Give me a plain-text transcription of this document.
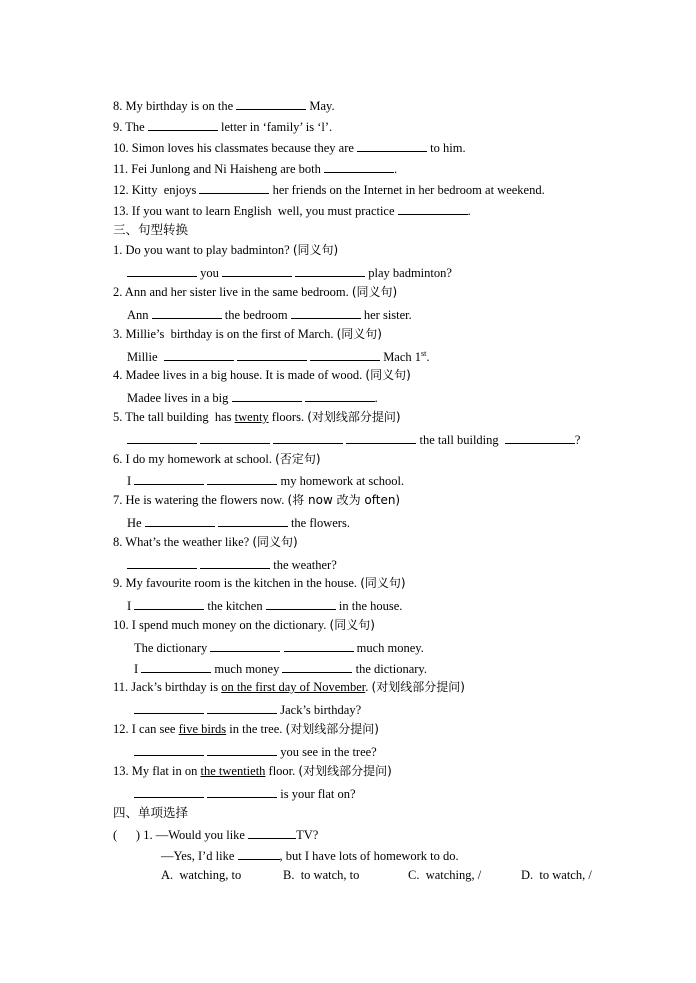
8. My birthday is on the	May.
9. The	letter in ‘family’ is ‘l’.
10. Simon loves his classmates because they are	to him.
11. Fei Junlong and Ni Haisheng are both	.
12. Kitty  enjoys	her friends on the Internet in her bedroom at weekend.
13. If you want to learn English  well, you must practice	.
三、句型转换
1. Do you want to play badminton? (同义句)
you	play badminton?
2. Ann and her sister live in the same bedroom. (同义句)
Ann	the bedroom	her sister.
3. Millie’s  birthday is on the first of March. (同义句)
Millie	Mach 1st.
4. Madee lives in a big house. It is made of wood. (同义句)
Madee lives in a big	.
5. The tall building  has twenty floors. (对划线部分提问)
the tall building	?
6. I do my homework at school. (否定句)
I	my homework at school.
7. He is watering the flowers now. (将 now 改为 often)
He	the flowers.
8. What’s the weather like? (同义句)
the weather?
9. My favourite room is the kitchen in the house. (同义句)
I	the kitchen	in the house.
10. I spend much money on the dictionary. (同义句)
The dictionary	much money.
I	much money	the dictionary.
11. Jack’s birthday is on the first day of November. (对划线部分提问)
Jack’s birthday?
12. I can see five birds in the tree. (对划线部分提问)
you see in the tree?
13. My flat in on the twentieth floor. (对划线部分提问)
is your flat on?
四、单项选择
(      ) 1. —Would you like	TV?
—Yes, I’d like	, but I have lots of homework to do.
A.  watching, to	B.  to watch, to	C.  watching, /	D.  to watch, /
